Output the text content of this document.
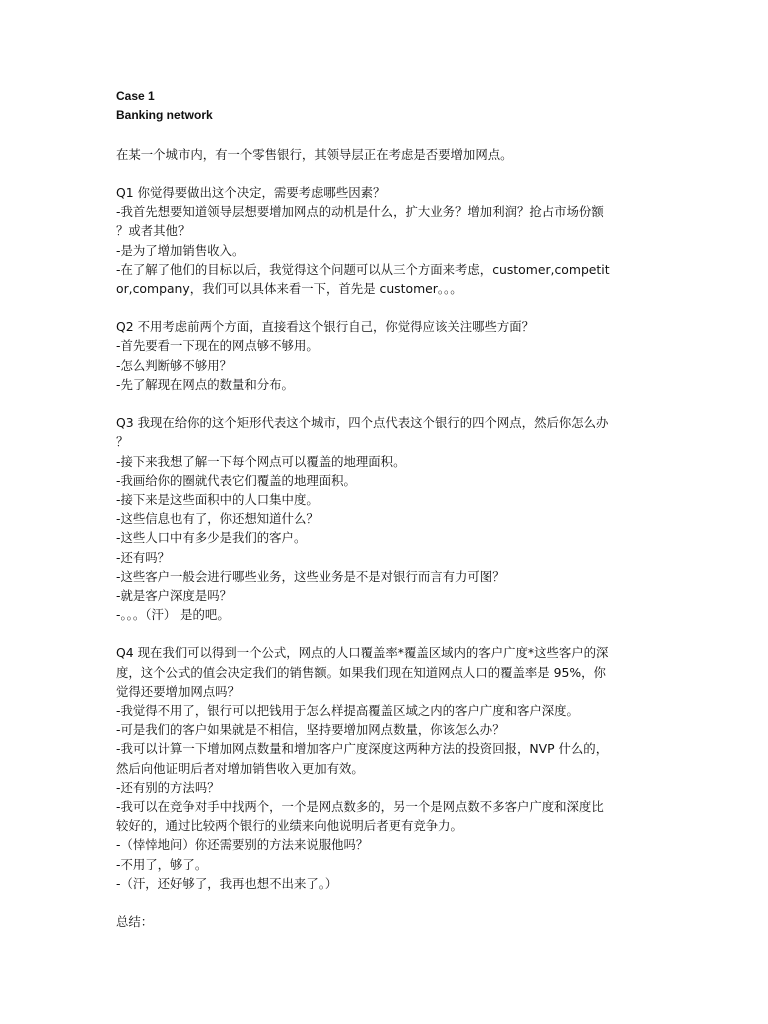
Case 1
Banking network
在某一个城市内，有一个零售银行，其领导层正在考虑是否要增加网点。
Q1 你觉得要做出这个决定，需要考虑哪些因素？
-我首先想要知道领导层想要增加网点的动机是什么，扩大业务？增加利润？抢占市场份额
？或者其他？
-是为了增加销售收入。
-在了解了他们的目标以后，我觉得这个问题可以从三个方面来考虑，customer,competit
or,company，我们可以具体来看一下，首先是 customer。。。
Q2 不用考虑前两个方面，直接看这个银行自己，你觉得应该关注哪些方面？
-首先要看一下现在的网点够不够用。
-怎么判断够不够用？
-先了解现在网点的数量和分布。
Q3 我现在给你的这个矩形代表这个城市，四个点代表这个银行的四个网点，然后你怎么办
？
-接下来我想了解一下每个网点可以覆盖的地理面积。
-我画给你的圈就代表它们覆盖的地理面积。
-接下来是这些面积中的人口集中度。
-这些信息也有了，你还想知道什么？
-这些人口中有多少是我们的客户。
-还有吗？
-这些客户一般会进行哪些业务，这些业务是不是对银行而言有力可图？
-就是客户深度是吗？
-。。。（汗） 是的吧。
Q4 现在我们可以得到一个公式，网点的人口覆盖率*覆盖区域内的客户广度*这些客户的深
度，这个公式的值会决定我们的销售额。如果我们现在知道网点人口的覆盖率是 95%，你
觉得还要增加网点吗？
-我觉得不用了，银行可以把钱用于怎么样提高覆盖区域之内的客户广度和客户深度。
-可是我们的客户如果就是不相信，坚持要增加网点数量，你该怎么办？
-我可以计算一下增加网点数量和增加客户广度深度这两种方法的投资回报，NVP 什么的，
然后向他证明后者对增加销售收入更加有效。
-还有别的方法吗？
-我可以在竞争对手中找两个，一个是网点数多的，另一个是网点数不多客户广度和深度比
较好的，通过比较两个银行的业绩来向他说明后者更有竞争力。
-（悻悻地问）你还需要别的方法来说服他吗？
-不用了，够了。
-（汗，还好够了，我再也想不出来了。）
总结：
